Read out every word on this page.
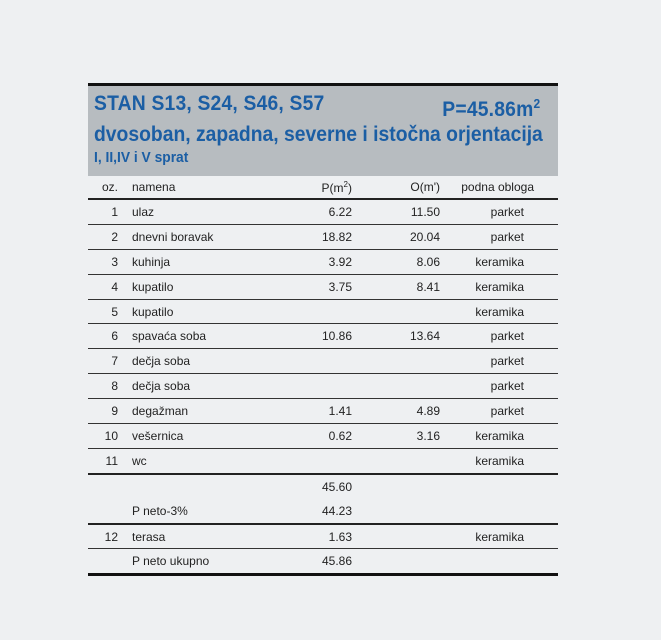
STAN S13, S24, S46, S57	$P=45.86m^2$
dvosoban, zapadna, severne i istočna orjentacija
I, II,IV i V sprat
oz.	namena	$P(m^2)$	O(m')	podna obloga
1	ulaz	6.22	11.50	parket
2	dnevni boravak	18.82	20.04	parket
3	kuhinja	3.92	8.06	keramika
4	kupatilo	3.75	8.41	keramika
5	kupatilo			keramika
6	spavaća soba	10.86	13.64	parket
7	dečja soba			parket
8	dečja soba			parket
9	degažman	1.41	4.89	parket
10	vešernica	0.62	3.16	keramika
11	wc			keramika
		45.60		
	P neto-3%	44.23		
12	terasa	1.63		keramika
	P neto ukupno	45.86		
